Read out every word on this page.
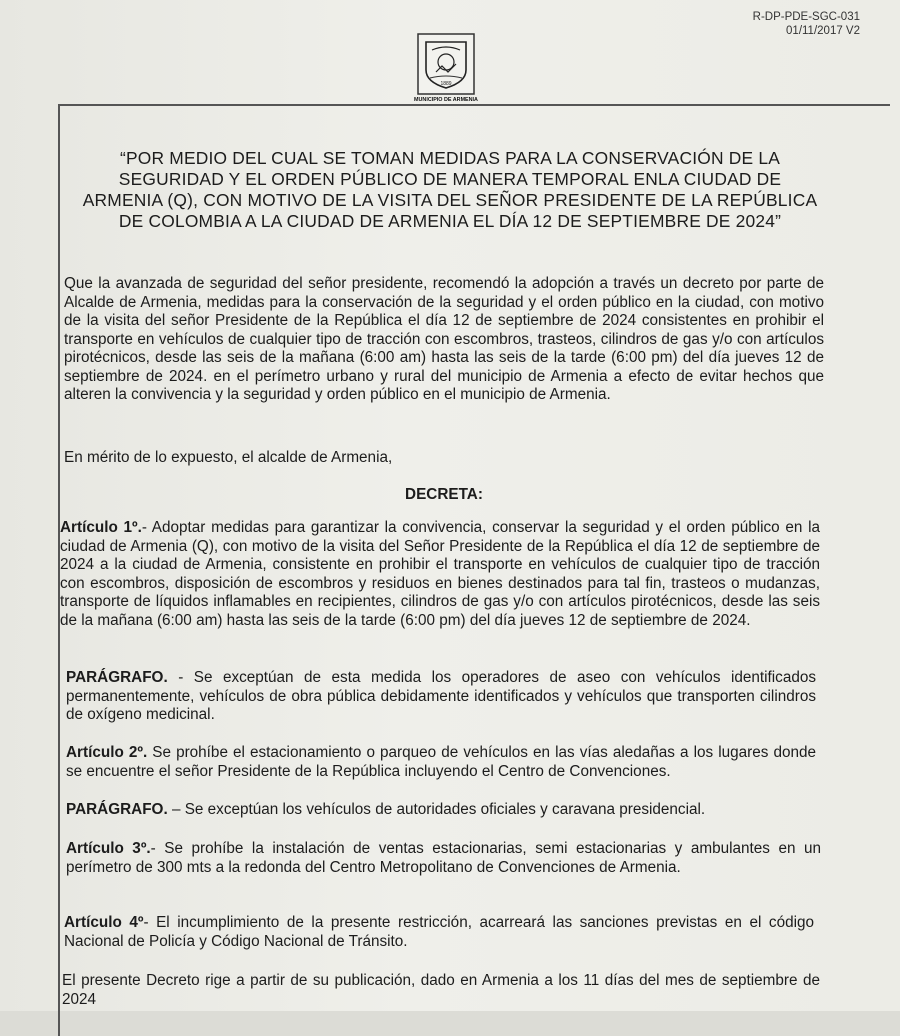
R-DP-PDE-SGC-031
01/11/2017 V2
1889
MUNICIPIO DE ARMENIA
“POR MEDIO DEL CUAL SE TOMAN MEDIDAS PARA LA CONSERVACIÓN DE LA SEGURIDAD Y EL ORDEN PÚBLICO DE MANERA TEMPORAL ENLA CIUDAD DE ARMENIA (Q), CON MOTIVO DE LA VISITA DEL SEÑOR PRESIDENTE DE LA REPÚBLICA DE COLOMBIA A LA CIUDAD DE ARMENIA EL DÍA 12 DE SEPTIEMBRE DE 2024”

Que la avanzada de seguridad del señor presidente, recomendó la adopción a través un decreto por parte de Alcalde de Armenia, medidas para la conservación de la seguridad y el orden público en la ciudad, con motivo de la visita del señor Presidente de la República el día 12 de septiembre de 2024 consistentes en prohibir el transporte en vehículos de cualquier tipo de tracción con escombros, trasteos, cilindros de gas y/o con artículos pirotécnicos, desde las seis de la mañana (6:00 am) hasta las seis de la tarde (6:00 pm) del día jueves 12 de septiembre de 2024. en el perímetro urbano y rural del municipio de Armenia a efecto de evitar hechos que alteren la convivencia y la seguridad y orden público en el municipio de Armenia.

En mérito de lo expuesto, el alcalde de Armenia,

DECRETA:

Artículo 1º.- Adoptar medidas para garantizar la convivencia, conservar la seguridad y el orden público en la ciudad de Armenia (Q), con motivo de la visita del Señor Presidente de la República el día 12 de septiembre de 2024 a la ciudad de Armenia, consistente en prohibir el transporte en vehículos de cualquier tipo de tracción con escombros, disposición de escombros y residuos en bienes destinados para tal fin, trasteos o mudanzas, transporte de líquidos inflamables en recipientes, cilindros de gas y/o con artículos pirotécnicos, desde las seis de la mañana (6:00 am) hasta las seis de la tarde (6:00 pm) del día jueves 12 de septiembre de 2024.

PARÁGRAFO. - Se exceptúan de esta medida los operadores de aseo con vehículos identificados permanentemente, vehículos de obra pública debidamente identificados y vehículos que transporten cilindros de oxígeno medicinal.

Artículo 2º. Se prohíbe el estacionamiento o parqueo de vehículos en las vías aledañas a los lugares donde se encuentre el señor Presidente de la República incluyendo el Centro de Convenciones.

PARÁGRAFO. – Se exceptúan los vehículos de autoridades oficiales y caravana presidencial.

Artículo 3º.- Se prohíbe la instalación de ventas estacionarias, semi estacionarias y ambulantes en un perímetro de 300 mts a la redonda del Centro Metropolitano de Convenciones de Armenia.

Artículo 4º- El incumplimiento de la presente restricción, acarreará las sanciones previstas en el código Nacional de Policía y Código Nacional de Tránsito.

El presente Decreto rige a partir de su publicación, dado en Armenia a los 11 días del mes de septiembre de 2024
